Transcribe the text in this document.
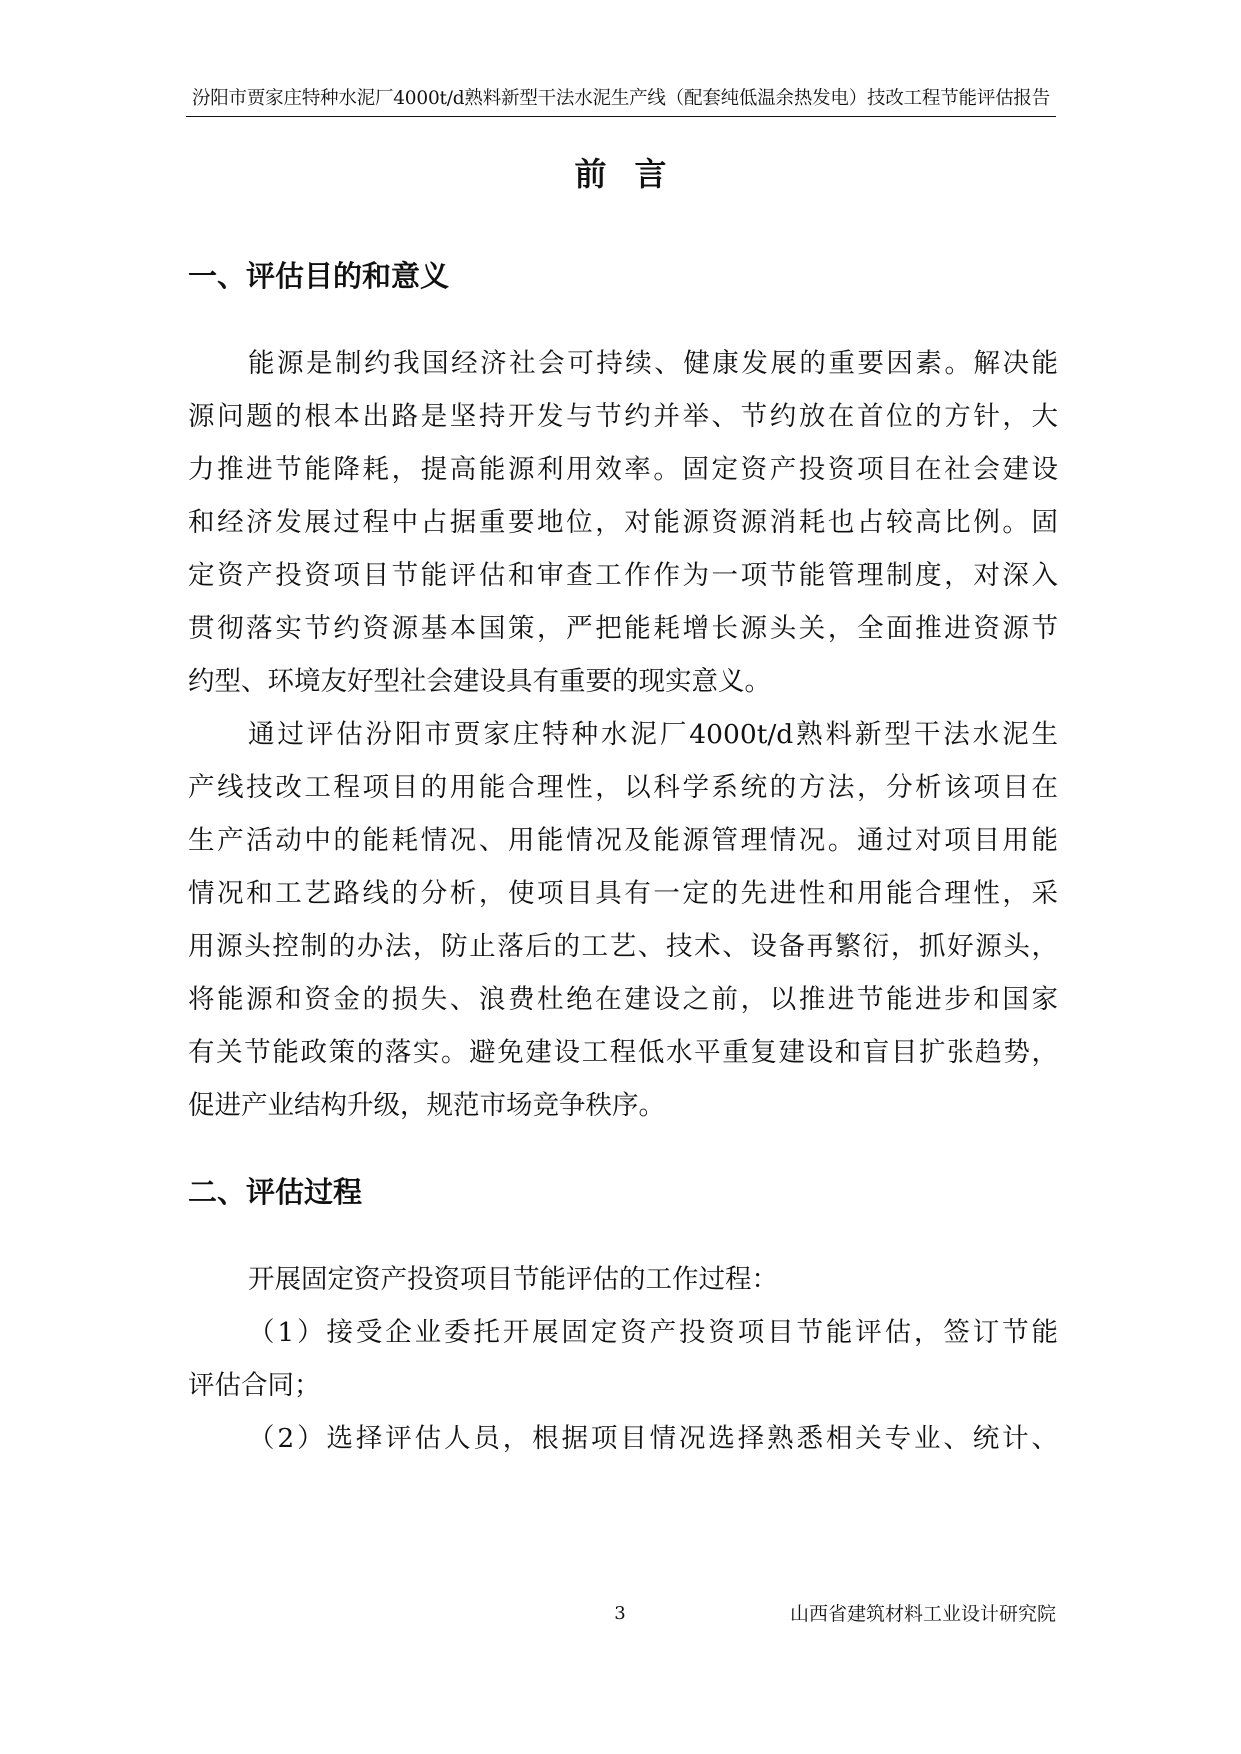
汾阳市贾家庄特种水泥厂4000t/d熟料新型干法水泥生产线（配套纯低温余热发电）技改工程节能评估报告
前言
一、评估目的和意义
能源是制约我国经济社会可持续、健康发展的重要因素。解决能
源问题的根本出路是坚持开发与节约并举、节约放在首位的方针，大
力推进节能降耗，提高能源利用效率。固定资产投资项目在社会建设
和经济发展过程中占据重要地位，对能源资源消耗也占较高比例。固
定资产投资项目节能评估和审查工作作为一项节能管理制度，对深入
贯彻落实节约资源基本国策，严把能耗增长源头关，全面推进资源节
约型、环境友好型社会建设具有重要的现实意义。
通过评估汾阳市贾家庄特种水泥厂4000t/d熟料新型干法水泥生
产线技改工程项目的用能合理性，以科学系统的方法，分析该项目在
生产活动中的能耗情况、用能情况及能源管理情况。通过对项目用能
情况和工艺路线的分析，使项目具有一定的先进性和用能合理性，采
用源头控制的办法，防止落后的工艺、技术、设备再繁衍，抓好源头，
将能源和资金的损失、浪费杜绝在建设之前，以推进节能进步和国家
有关节能政策的落实。避免建设工程低水平重复建设和盲目扩张趋势，
促进产业结构升级，规范市场竞争秩序。
二、评估过程
开展固定资产投资项目节能评估的工作过程：
（1）接受企业委托开展固定资产投资项目节能评估，签订节能
评估合同；
（2）选择评估人员，根据项目情况选择熟悉相关专业、统计、
3	山西省建筑材料工业设计研究院
